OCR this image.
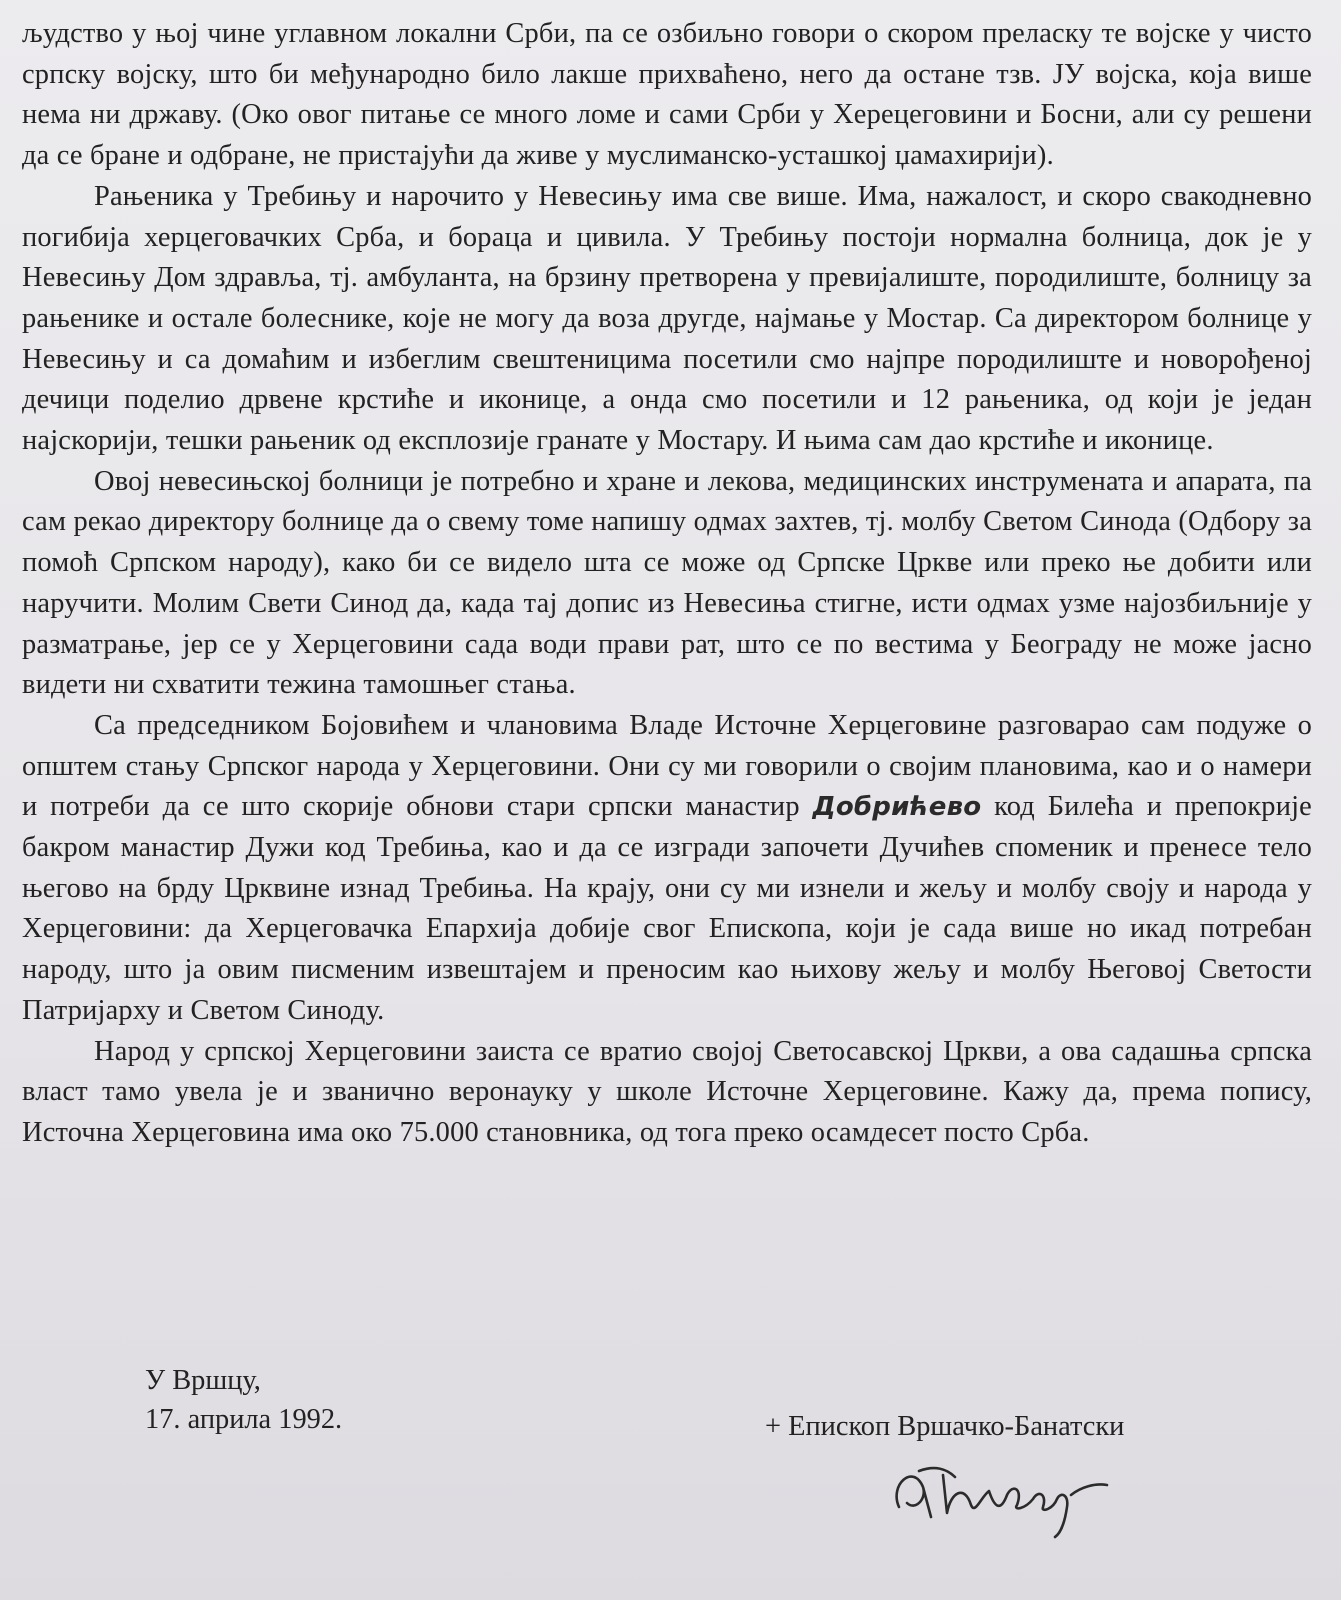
људство у њој чине углавном локални Срби, па се озбиљно говори о скором преласку те војске у чисто српску војску, што би међународно било лакше прихваћено, него да остане тзв. ЈУ војска, која више нема ни државу. (Око овог питање се много ломе и сами Срби у Херецеговини и Босни, али су решени да се бране и одбране, не пристајући да живе у муслиманско-усташкој џамахирији).

Рањеника у Требињу и нарочито у Невесињу има све више. Има, нажалост, и скоро свакодневно погибија херцеговачких Срба, и бораца и цивила. У Требињу постоји нормална болница, док је у Невесињу Дом здравља, тј. амбуланта, на брзину претворена у превијалиште, породилиште, болницу за рањенике и остале болеснике, које не могу да воза другде, најмање у Мостар. Са директором болнице у Невесињу и са домаћим и избеглим свештеницима посетили смо најпре породилиште и новорођеној дечици поделио дрвене крстиће и иконице, а онда смо посетили и 12 рањеника, од који је један најскорији, тешки рањеник од експлозије гранате у Мостару. И њима сам дао крстиће и иконице.

Овој невесињској болници је потребно и хране и лекова, медицинских инструмената и апарата, па сам рекао директору болнице да о свему томе напишу одмах захтев, тј. молбу Светом Синода (Одбору за помоћ Српском народу), како би се видело шта се може од Српске Цркве или преко ње добити или наручити. Молим Свети Синод да, када тај допис из Невесиња стигне, исти одмах узме најозбиљније у разматрање, јер се у Херцеговини сада води прави рат, што се по вестима у Београду не може јасно видети ни схватити тежина тамошњег стања.

Са председником Бојовићем и члановима Владе Источне Херцеговине разговарао сам подуже о општем стању Српског народа у Херцеговини. Они су ми говорили о својим плановима, као и о намери и потреби да се што скорије обнови стари српски манастир Добрићево код Билећа и препокрије бакром манастир Дужи код Требиња, као и да се изгради започети Дучићев споменик и пренесе тело његово на брду Црквине изнад Требиња. На крају, они су ми изнели и жељу и молбу своју и народа у Херцеговини: да Херцеговачка Епархија добије свог Епископа, који је сада више но икад потребан народу, што ја овим писменим извештајем и преносим као њихову жељу и молбу Његовој Светости Патријарху и Светом Синоду.

Народ у српској Херцеговини заиста се вратио својој Светосавској Цркви, а ова садашња српска власт тамо увела је и званично веронауку у школе Источне Херцеговине. Кажу да, према попису, Источна Херцеговина има око 75.000 становника, од тога преко осамдесет посто Срба.

У Вршцу,
17. априла 1992.	+ Епископ Вршачко-Банатски
